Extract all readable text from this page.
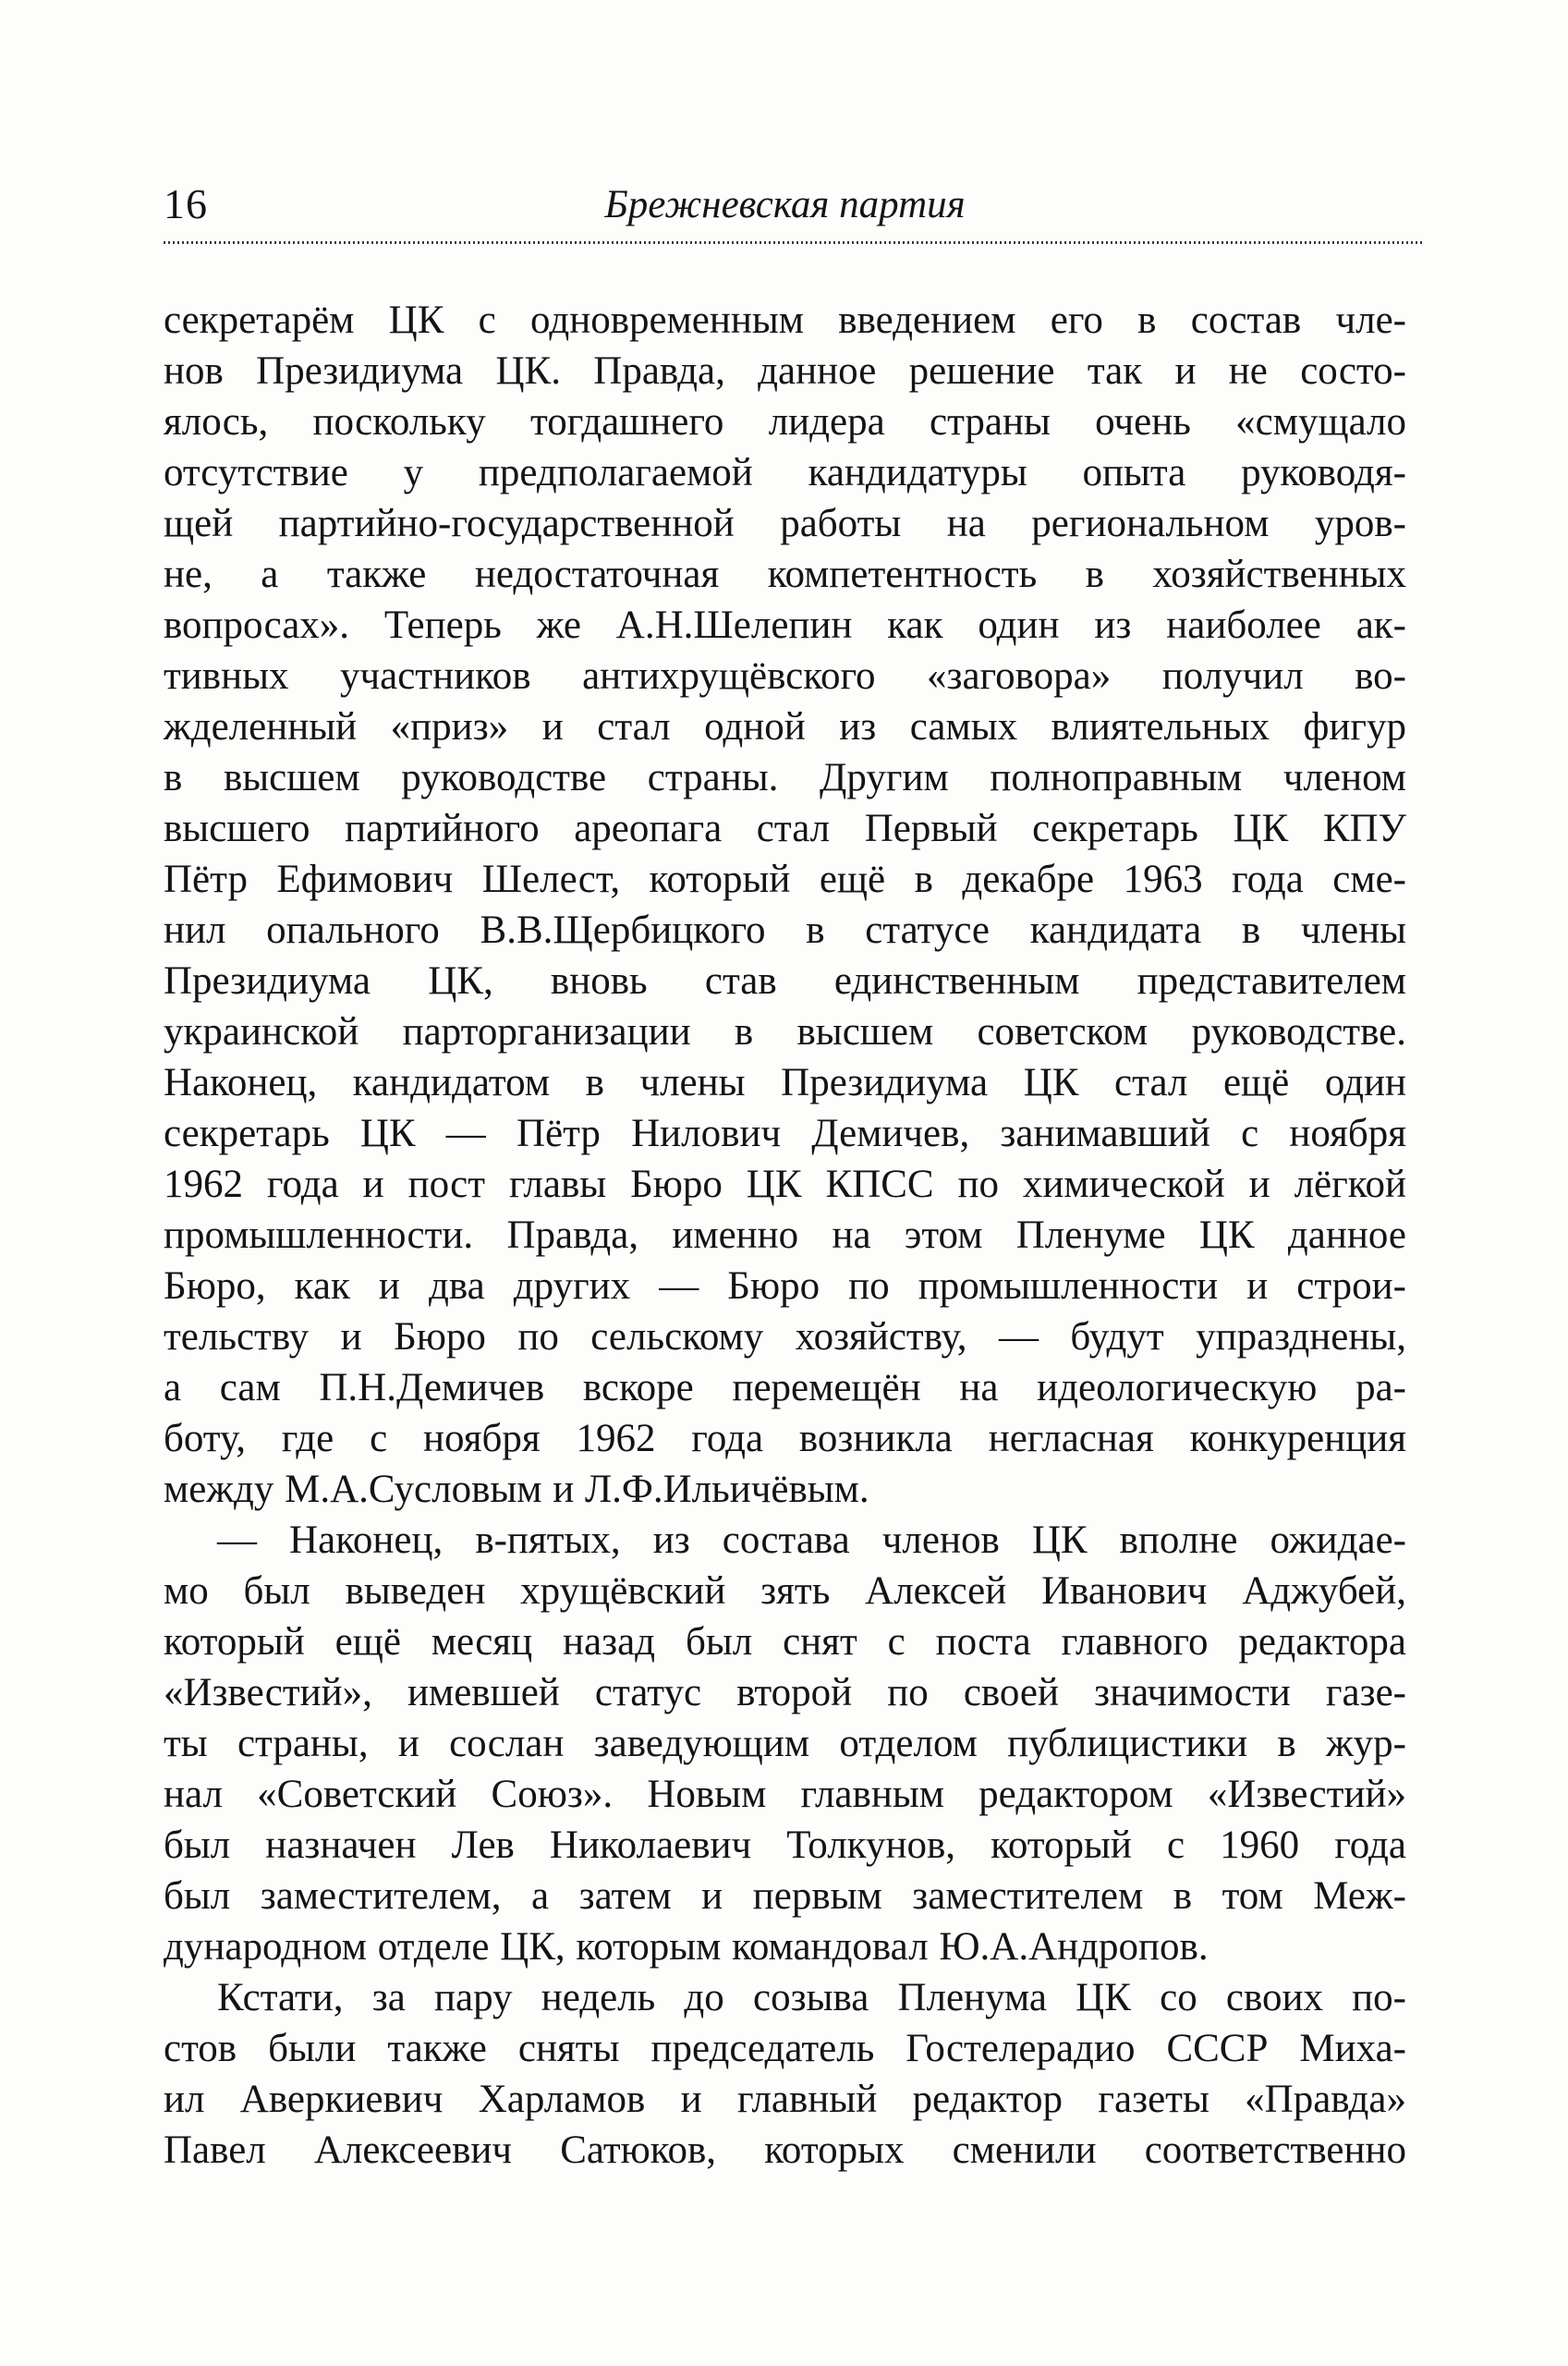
16	Брежневская партия
секретарём ЦК с одновременным введением его в состав чле-
нов Президиума ЦК. Правда, данное решение так и не состо-
ялось, поскольку тогдашнего лидера страны очень «смущало
отсутствие у предполагаемой кандидатуры опыта руководя-
щей партийно-государственной работы на региональном уров-
не, а также недостаточная компетентность в хозяйственных
вопросах». Теперь же А.Н.Шелепин как один из наиболее ак-
тивных участников антихрущёвского «заговора» получил во-
жделенный «приз» и стал одной из самых влиятельных фигур
в высшем руководстве страны. Другим полноправным членом
высшего партийного ареопага стал Первый секретарь ЦК КПУ
Пётр Ефимович Шелест, который ещё в декабре 1963 года сме-
нил опального В.В.Щербицкого в статусе кандидата в члены
Президиума ЦК, вновь став единственным представителем
украинской парторганизации в высшем советском руководстве.
Наконец, кандидатом в члены Президиума ЦК стал ещё один
секретарь ЦК — Пётр Нилович Демичев, занимавший с ноября
1962 года и пост главы Бюро ЦК КПСС по химической и лёгкой
промышленности. Правда, именно на этом Пленуме ЦК данное
Бюро, как и два других — Бюро по промышленности и строи-
тельству и Бюро по сельскому хозяйству, — будут упразднены,
а сам П.Н.Демичев вскоре перемещён на идеологическую ра-
боту, где с ноября 1962 года возникла негласная конкуренция
между М.А.Сусловым и Л.Ф.Ильичёвым.
— Наконец, в-пятых, из состава членов ЦК вполне ожидае-
мо был выведен хрущёвский зять Алексей Иванович Аджубей,
который ещё месяц назад был снят с поста главного редактора
«Известий», имевшей статус второй по своей значимости газе-
ты страны, и сослан заведующим отделом публицистики в жур-
нал «Советский Союз». Новым главным редактором «Известий»
был назначен Лев Николаевич Толкунов, который с 1960 года
был заместителем, а затем и первым заместителем в том Меж-
дународном отделе ЦК, которым командовал Ю.А.Андропов.
Кстати, за пару недель до созыва Пленума ЦК со своих по-
стов были также сняты председатель Гостелерадио СССР Миха-
ил Аверкиевич Харламов и главный редактор газеты «Правда»
Павел Алексеевич Сатюков, которых сменили соответственно
